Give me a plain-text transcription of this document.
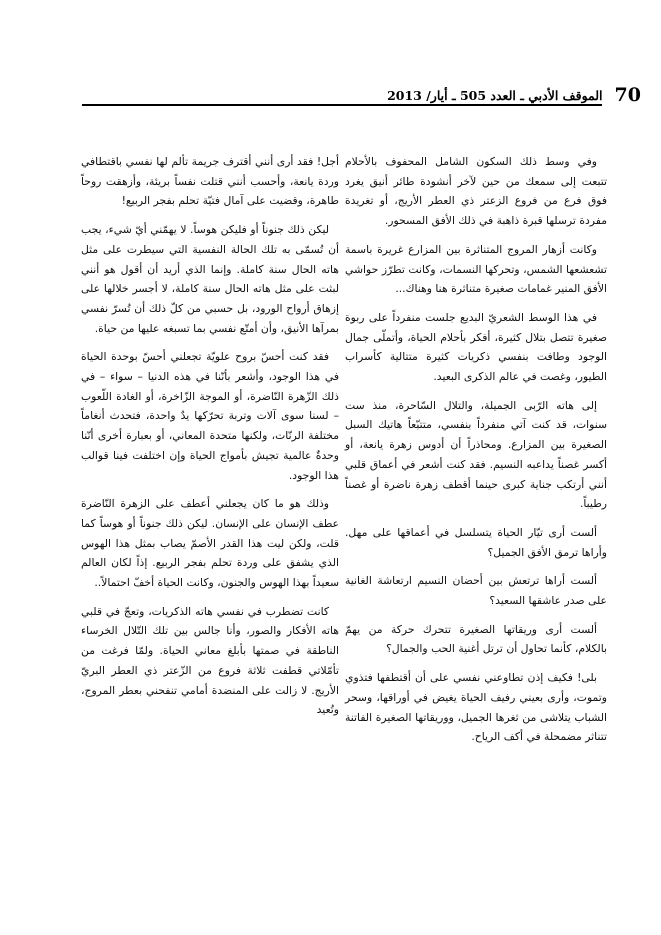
70
الموقف الأدبي ـ العدد 505 ـ أيار/ 2013

وفي وسط ذلك السكون الشامل المحفوف بالأحلام تتبعت إلى سمعك من حين لآخر أنشودة طائر أنيق يغرد فوق فرع من فروع الزعتر ذي العطر الأريج، أو تغريدة مفردة ترسلها قبرة ذاهبة في ذلك الأفق المسحور.

وكانت أزهار المروج المتناثرة بين المزارع غريرة باسمة تشعشعها الشمس، وتحركها النسمات، وكانت تطرّز حواشي الأفق المنير غمامات صغيرة متناثرة هنا وهناك...

في هذا الوسط الشعريّ البديع جلست منفرداً على ربوة صغيرة تتصل بتلال كثيرة، أفكر بأحلام الحياة، وأتملّى جمال الوجود وطافت بنفسي ذكريات كثيرة متتالية كأسراب الطيور، وغصت في عالم الذكرى البعيد.

إلى هاته الرّبى الجميلة، والتلال السّاحرة، منذ ست سنوات، قد كنت آتي منفرداً بنفسي، متتبّعاً هاتيك السبل الصغيرة بين المزارع. ومحاذراً أن أدوس زهرة يانعة، أو أكسر غصناً يداعبه النسيم. فقد كنت أشعر في أعماق قلبي أنني أرتكب جناية كبرى حينما أقطف زهرة ناضرة أو غصناً رطيباً.

ألست أرى تيّار الحياة يتسلسل في أعماقها على مهل. وأراها ترمق الأفق الجميل؟

ألست أراها ترتعش بين أحضان النسيم ارتعاشة الغانية على صدر عاشقها السعيد؟

ألست أرى وريقاتها الصغيرة تتحرك حركة من يهمّ بالكلام، كأنما تحاول أن ترتل أغنية الحب والجمال؟

بلى! فكيف إذن تطاوعني نفسي على أن أقتطفها فتذوي وتموت، وأرى بعيني رفيف الحياة يغيض في أوراقها، وسحر الشباب يتلاشى من ثغرها الجميل، ووريقاتها الصغيرة الفاتنة تتناثر مضمحلة في أكف الرياح.

أجل! فقد أرى أنني أقترف جريمة تألم لها نفسي باقتطافي وردة يانعة، وأحسب أنني قتلت نفساً بريئة، وأزهقت روحاً طاهرة، وقضيت على آمال فتيّة تحلم بفجر الربيع!

ليكن ذلك جنوناً أو فليكن هوساً. لا يهمّني أيّ شيء، يجب أن تُسمّى به تلك الحالة النفسية التي سيطرت على مثل هاته الحال سنة كاملة. وإنما الذي أريد أن أقول هو أنني لبثت على مثل هاته الحال سنة كاملة، لا أجسر خلالها على إزهاق أرواح الورود، بل حسبي من كلّ ذلك أن تُسرّ نفسي بمرآها الأنيق، وأن أمتّع نفسي بما تسبغه عليها من حياة.

فقد كنت أحسّ بروح علويّة تجعلني أحسّ بوحدة الحياة في هذا الوجود، وأشعر بأنّنا في هذه الدنيا – سواء – في ذلك الزّهرة النّاضرة، أو الموجة الزّاخرة، أو الغادة اللّعوب – لسنا سوى آلات وتربة تحرّكها يدٌ واحدة، فتحدث أنغاماً مختلفة الرنّات، ولكنها متحدة المعاني، أو بعبارة أخرى أنّنا وحدةٌ عالمية تجيش بأمواج الحياة وإن اختلفت فينا قوالب هذا الوجود.

وذلك هو ما كان يجعلني أعطف على الزهرة النّاضرة عطف الإنسان على الإنسان. ليكن ذلك جنوناً أو هوساً كما قلت، ولكن ليت هذا القدر الأصمّ يصاب بمثل هذا الهوس الذي يشفق على وردة تحلم بفجر الربيع. إذاً لكان العالم سعيداً بهذا الهوس والجنون، وكانت الحياة أخفّ احتمالاً..

كانت تضطرب في نفسي هاته الذكريات، وتعجّ في قلبي هاته الأفكار والصور، وأنا جالس بين تلك التّلال الخرساء الناطقة في صمتها بأبلغ معاني الحياة. ولمّا فرغت من تأمّلاتي قطفت ثلاثة فروع من الزّعتر ذي العطر البريّ الأريج. لا زالت على المنضدة أمامي تنفحني بعطر المروج، وتُعيد
